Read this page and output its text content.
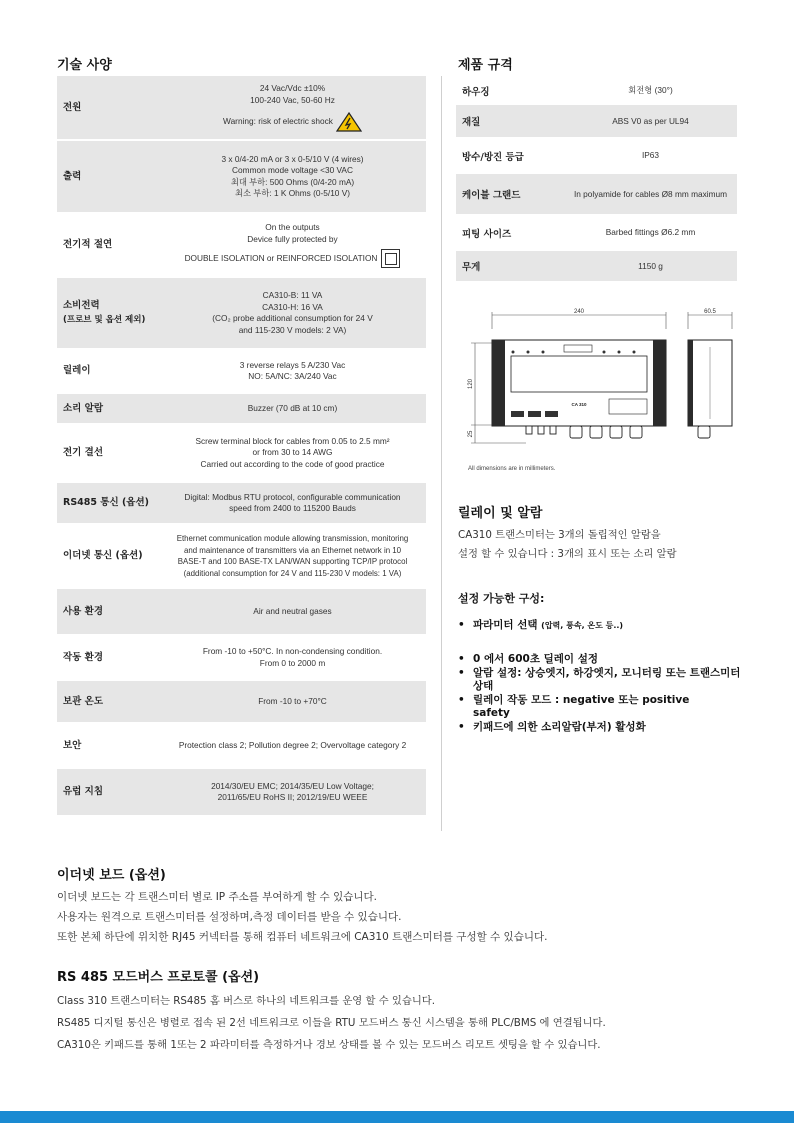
기술 사양
전원
24 Vac/Vdc ±10%
100-240 Vac, 50-60 Hz
Warning: risk of electric shock
출력
3 x 0/4-20 mA or 3 x 0-5/10 V (4 wires)
Common mode voltage <30 VAC
최대 부하: 500 Ohms (0/4-20 mA)
최소 부하: 1 K Ohms (0-5/10 V)
전기적 절연
On the outputs
Device fully protected by
DOUBLE ISOLATION or REINFORCED ISOLATION
소비전력
(프로브 및 옵션 제외)
CA310-B: 11 VA
CA310-H: 16 VA
(CO₂ probe additional consumption for 24 V
and 115-230 V models: 2 VA)
릴레이
3 reverse relays 5 A/230 Vac
NO: 5A/NC: 3A/240 Vac
소리 알람	Buzzer (70 dB at 10 cm)
전기 결선
Screw terminal block for cables from 0.05 to 2.5 mm²
or from 30 to 14 AWG
Carried out according to the code of good practice
RS485 통신 (옵션)
Digital: Modbus RTU protocol, configurable communication
speed from 2400 to 115200 Bauds
이더넷 통신 (옵션)
Ethernet communication module allowing transmission, monitoring
and maintenance of transmitters via an Ethernet network in 10
BASE-T and 100 BASE-TX LAN/WAN supporting TCP/IP protocol
(additional consumption for 24 V and 115-230 V models: 1 VA)
사용 환경	Air and neutral gases
작동 환경
From -10 to +50°C. In non-condensing condition.
From 0 to 2000 m
보관 온도	From -10 to +70°C
보안	Protection class 2; Pollution degree 2; Overvoltage category 2
유럽 지침
2014/30/EU EMC; 2014/35/EU Low Voltage;
2011/65/EU RoHS II; 2012/19/EU WEEE
제품 규격
하우징	회전형 (30°)
재질	ABS V0 as per UL94
방수/방진 등급	IP63
케이블 그랜드	In polyamide for cables Ø8 mm maximum
피팅 사이즈	Barbed fittings Ø6.2 mm
무게	1150 g
240	60.5
120
25
CA 310
All dimensions are in millimeters.
릴레이 및 알람
CA310 트랜스미터는 3개의 돌립적인 알람을
설정 할 수 있습니다 : 3개의 표시 또는 소리 알람
설정 가능한 구성:
• 파라미터 선택 (압력, 풍속, 온도 등..)
• 0 에서 600초 딜레이 설정
• 알람 설정: 상승엣지, 하강엣지, 모니터링 또는 트랜스미터 상태
• 릴레이 작동 모드 : negative 또는 positive safety
• 키패드에 의한 소리알람(부저) 활성화
이더넷 보드 (옵션)
이더넷 보드는 각 트랜스미터 별로 IP 주소를 부여하게 할 수 있습니다.
사용자는 원격으로 트랜스미터를 설정하며,측정 데이터를 받을 수 있습니다.
또한 본체 하단에 위치한 RJ45 커넥터를 통해 컴퓨터 네트워크에 CA310 트랜스미터를 구성할 수 있습니다.
RS 485 모드버스 프로토콜 (옵션)
Class 310 트랜스미터는 RS485 홈 버스로 하나의 네트워크를 운영 할 수 있습니다.
RS485 디지털 통신은 병렬로 접속 된 2선 네트워크로 이들을 RTU 모드버스 통신 시스템을 통해 PLC/BMS 에 연결됩니다.
CA310은 키패드를 통해 1또는 2 파라미터를 측정하거나 경보 상태를 볼 수 있는 모드버스 리모트 셋팅을 할 수 있습니다.
